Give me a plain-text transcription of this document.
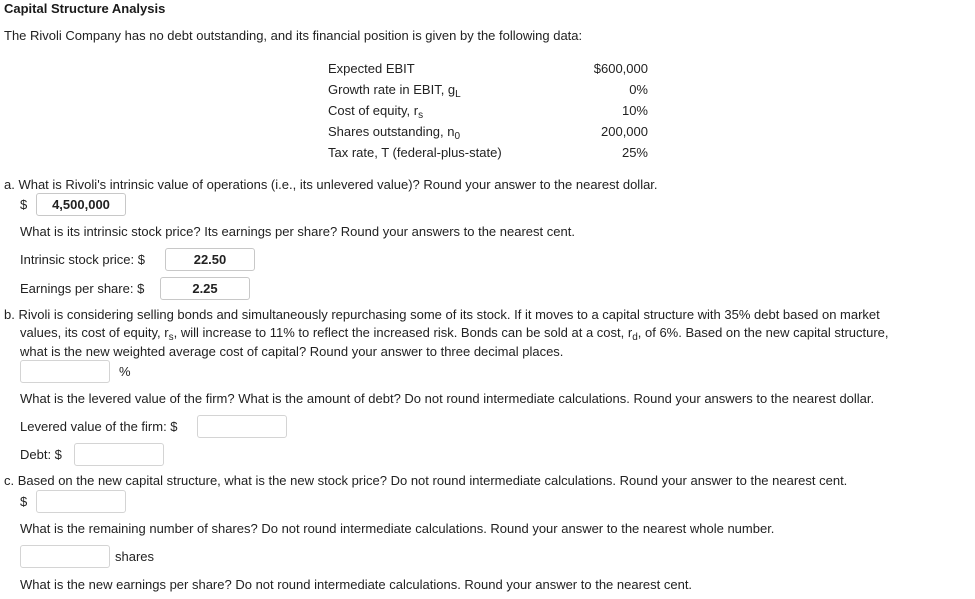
Capital Structure Analysis
The Rivoli Company has no debt outstanding, and its financial position is given by the following data:
Expected EBIT	$600,000
Growth rate in EBIT, $g_L$	0%
Cost of equity, $r_s$	10%
Shares outstanding, $n_0$	200,000
Tax rate, T (federal-plus-state)	25%
a. What is Rivoli's intrinsic value of operations (i.e., its unlevered value)? Round your answer to the nearest dollar.
$
4,500,000
What is its intrinsic stock price? Its earnings per share? Round your answers to the nearest cent.
Intrinsic stock price: $
22.50
Earnings per share: $
2.25
b. Rivoli is considering selling bonds and simultaneously repurchasing some of its stock. If it moves to a capital structure with 35% debt based on market
values, its cost of equity, $r_s$, will increase to 11% to reflect the increased risk. Bonds can be sold at a cost, $r_d$, of 6%. Based on the new capital structure,
what is the new weighted average cost of capital? Round your answer to three decimal places.
%
What is the levered value of the firm? What is the amount of debt? Do not round intermediate calculations. Round your answers to the nearest dollar.
Levered value of the firm: $
Debt: $
c. Based on the new capital structure, what is the new stock price? Do not round intermediate calculations. Round your answer to the nearest cent.
$
What is the remaining number of shares? Do not round intermediate calculations. Round your answer to the nearest whole number.
shares
What is the new earnings per share? Do not round intermediate calculations. Round your answer to the nearest cent.
